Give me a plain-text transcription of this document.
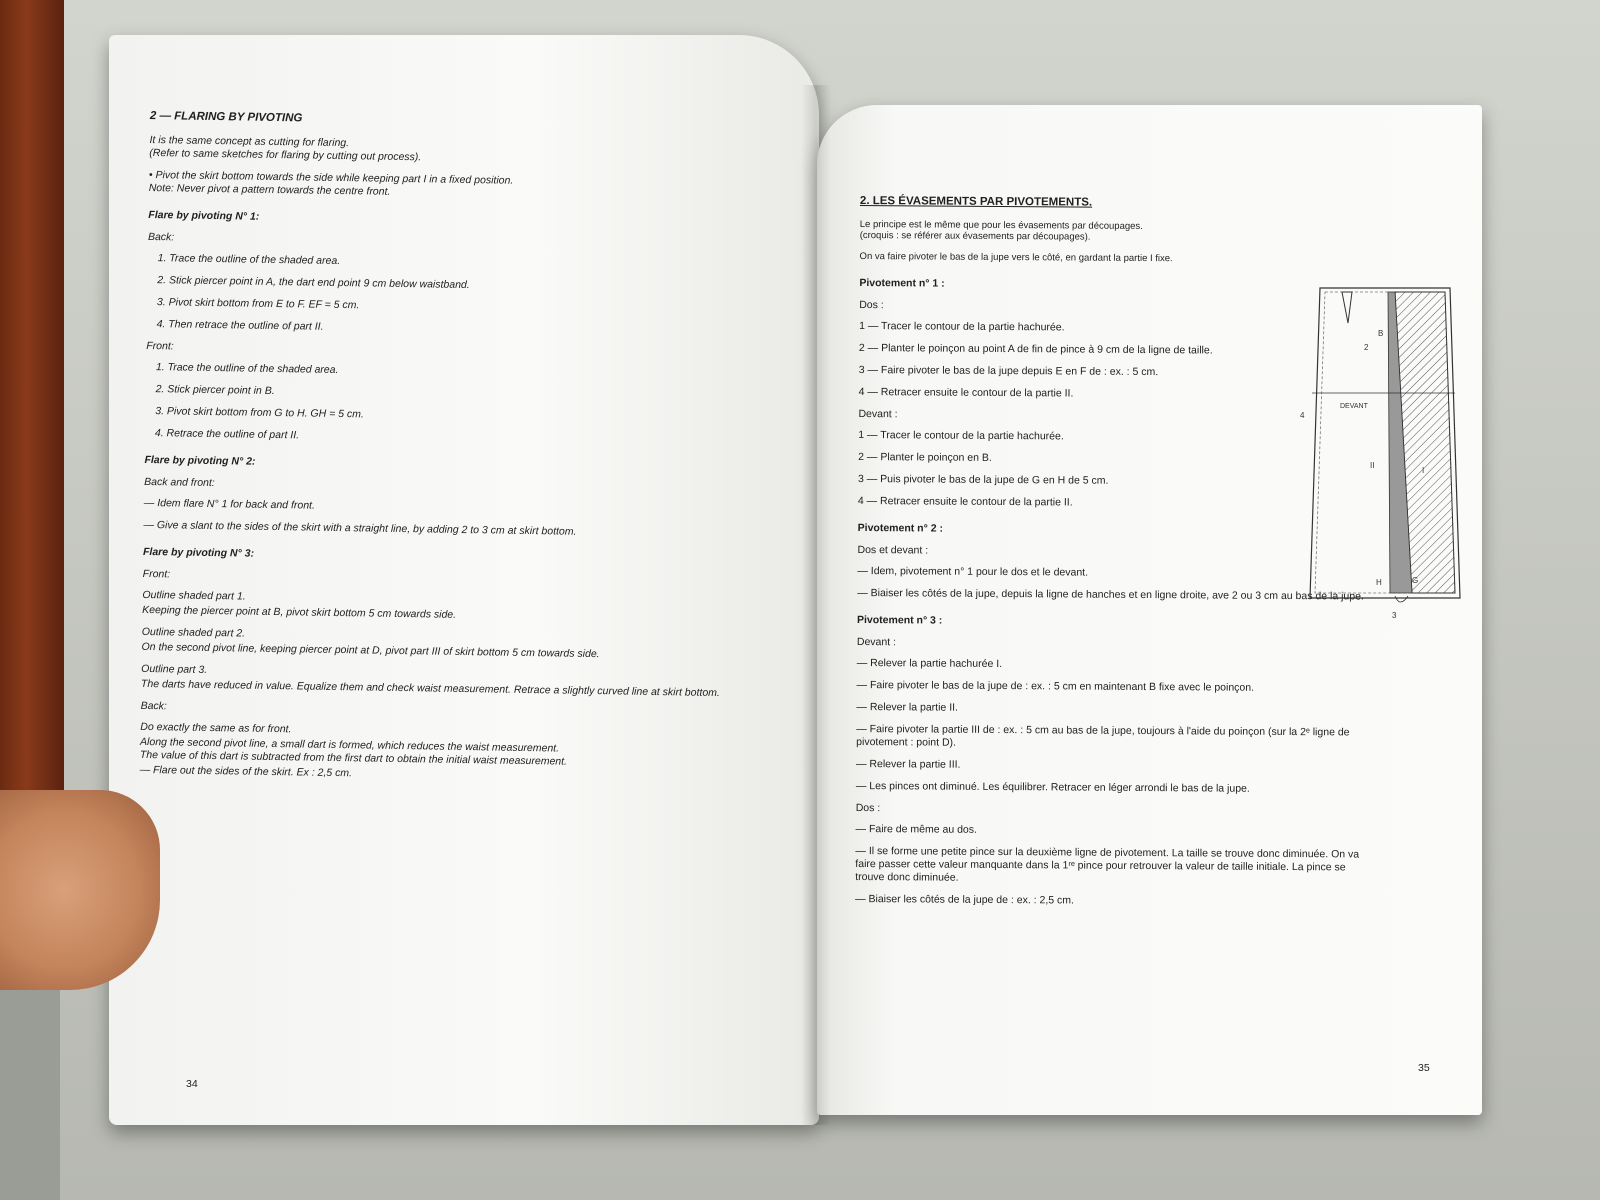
2 — FLARING BY PIVOTING
It is the same concept as cutting for flaring.
(Refer to same sketches for flaring by cutting out process).
• Pivot the skirt bottom towards the side while keeping part I in a fixed position.
Note: Never pivot a pattern towards the centre front.
Flare by pivoting N° 1:
Back:
1. Trace the outline of the shaded area.
2. Stick piercer point in A, the dart end point 9 cm below waistband.
3. Pivot skirt bottom from E to F. EF = 5 cm.
4. Then retrace the outline of part II.
Front:
1. Trace the outline of the shaded area.
2. Stick piercer point in B.
3. Pivot skirt bottom from G to H. GH = 5 cm.
4. Retrace the outline of part II.
Flare by pivoting N° 2:
Back and front:
— Idem flare N° 1 for back and front.
— Give a slant to the sides of the skirt with a straight line, by adding 2 to 3 cm at skirt bottom.
Flare by pivoting N° 3:
Front:
Outline shaded part 1.
Keeping the piercer point at B, pivot skirt bottom 5 cm towards side.
Outline shaded part 2.
On the second pivot line, keeping piercer point at D, pivot part III of skirt bottom 5 cm towards side.
Outline part 3.
The darts have reduced in value. Equalize them and check waist measurement. Retrace a slightly curved line at skirt bottom.
Back:
Do exactly the same as for front.
Along the second pivot line, a small dart is formed, which reduces the waist measurement.
The value of this dart is subtracted from the first dart to obtain the initial waist measurement.
— Flare out the sides of the skirt. Ex : 2,5 cm.
34
2. LES ÉVASEMENTS PAR PIVOTEMENTS.
Le principe est le même que pour les évasements par découpages.
(croquis : se référer aux évasements par découpages).
On va faire pivoter le bas de la jupe vers le côté, en gardant la partie I fixe.
Pivotement n° 1 :
Dos :
1 — Tracer le contour de la partie hachurée.
2 — Planter le poinçon au point A de fin de pince à 9 cm de la ligne de taille.
3 — Faire pivoter le bas de la jupe depuis E en F de : ex. : 5 cm.
4 — Retracer ensuite le contour de la partie II.
Devant :
1 — Tracer le contour de la partie hachurée.
2 — Planter le poinçon en B.
3 — Puis pivoter le bas de la jupe de G en H de 5 cm.
4 — Retracer ensuite le contour de la partie II.
Pivotement n° 2 :
Dos et devant :
— Idem, pivotement n° 1 pour le dos et le devant.
— Biaiser les côtés de la jupe, depuis la ligne de hanches et en ligne droite, ave 2 ou 3 cm au bas de la jupe.
Pivotement n° 3 :
Devant :
— Relever la partie hachurée I.
— Faire pivoter le bas de la jupe de : ex. : 5 cm en maintenant B fixe avec le poinçon.
— Relever la partie II.
— Faire pivoter la partie III de : ex. : 5 cm au bas de la jupe, toujours à l'aide du poinçon (sur la 2ᵉ ligne de pivotement : point D).
— Relever la partie III.
— Les pinces ont diminué. Les équilibrer. Retracer en léger arrondi le bas de la jupe.
Dos :
— Faire de même au dos.
— Il se forme une petite pince sur la deuxième ligne de pivotement. La taille se trouve donc diminuée. On va faire passer cette valeur manquante dans la 1ʳᵉ pince pour retrouver la valeur de taille initiale. La pince se trouve donc diminuée.
— Biaiser les côtés de la jupe de : ex. : 2,5 cm.
35
DEVANT
II
I
B
2
H	G
3
4
